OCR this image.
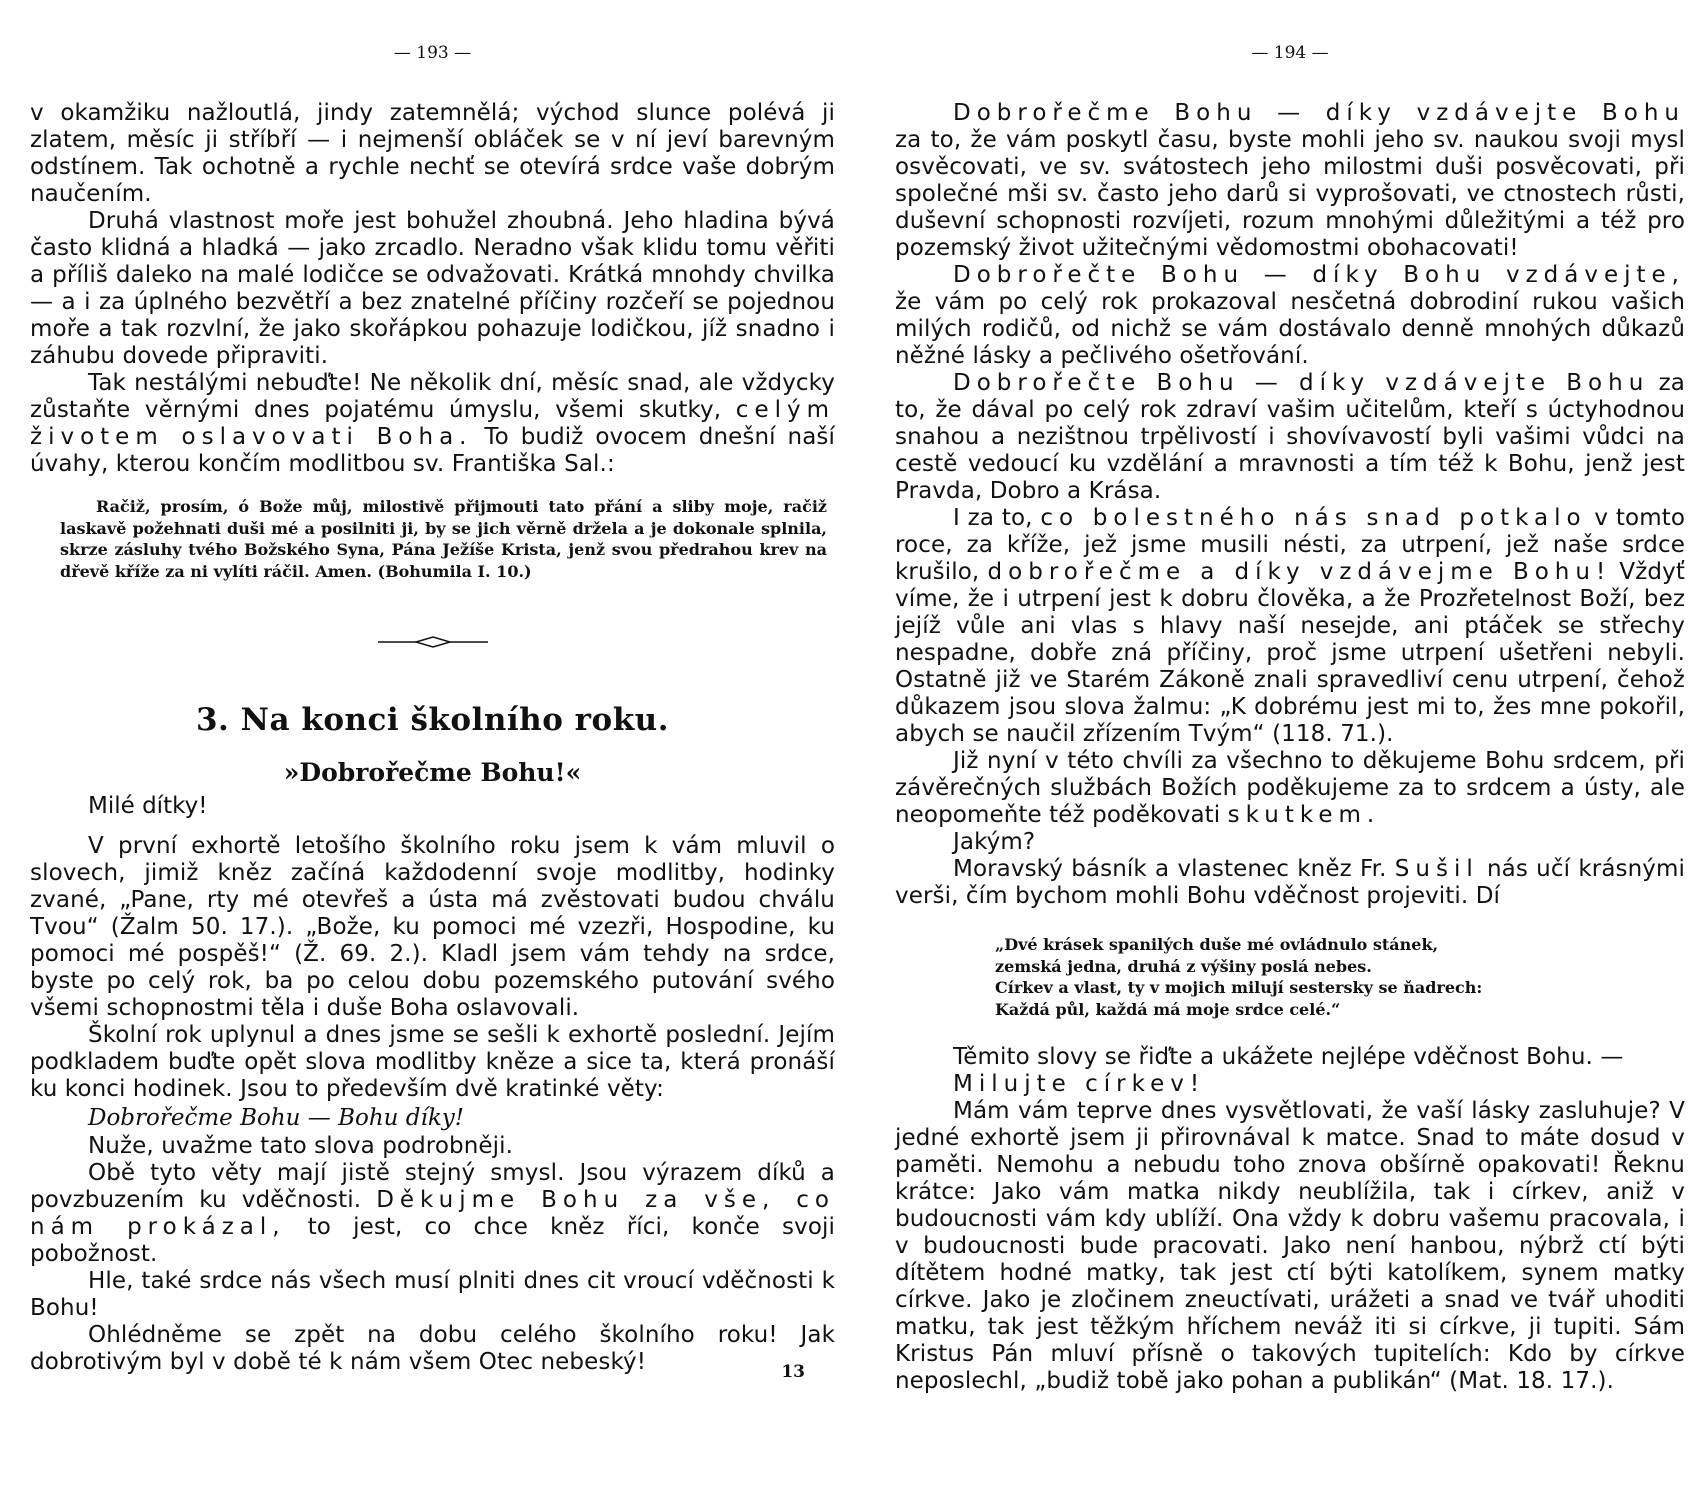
— 193 —

v okamžiku nažloutlá, jindy zatemnělá; východ slunce polévá ji zlatem, měsíc ji stříbří — i nejmenší obláček se v ní jeví barevným odstínem. Tak ochotně a rychle nechť se otevírá srdce vaše dobrým naučením.

Druhá vlastnost moře jest bohužel zhoubná. Jeho hladina bývá často klidná a hladká — jako zrcadlo. Neradno však klidu tomu věřiti a příliš daleko na malé lodičce se odvažovati. Krátká mnohdy chvilka — a i za úplného bezvětří a bez znatelné příčiny rozčeří se pojednou moře a tak rozvlní, že jako skořápkou pohazuje lodičkou, jíž snadno i záhubu dovede připraviti.

Tak nestálými nebuďte! Ne několik dní, měsíc snad, ale vždycky zůstaňte věrnými dnes pojatému úmyslu, všemi skutky, celým životem oslavovati Boha. To budiž ovocem dnešní naší úvahy, kterou končím modlitbou sv. Františka Sal.:

Račiž, prosím, ó Bože můj, milostivě přijmouti tato přání a sliby moje, račiž laskavě požehnati duši mé a posilniti ji, by se jich věrně držela a je dokonale splnila, skrze zásluhy tvého Božského Syna, Pána Ježíše Krista, jenž svou předrahou krev na dřevě kříže za ni vylíti ráčil. Amen. (Bohumila I. 10.)
3. Na konci školního roku.
»Dobrořečme Bohu!«
Milé dítky!

V první exhortě letošího školního roku jsem k vám mluvil o slovech, jimiž kněz začíná každodenní svoje modlitby, hodinky zvané, „Pane, rty mé otevřeš a ústa má zvěstovati budou chválu Tvou“ (Žalm 50. 17.). „Bože, ku pomoci mé vzezři, Hospodine, ku pomoci mé pospěš!“ (Ž. 69. 2.). Kladl jsem vám tehdy na srdce, byste po celý rok, ba po celou dobu pozemského putování svého všemi schopnostmi těla i duše Boha oslavovali.

Školní rok uplynul a dnes jsme se sešli k exhortě poslední. Jejím podkladem buďte opět slova modlitby kněze a sice ta, která pronáší ku konci hodinek. Jsou to především dvě kratinké věty:

Dobrořečme Bohu — Bohu díky!

Nuže, uvažme tato slova podrobněji.

Obě tyto věty mají jistě stejný smysl. Jsou výrazem díků a povzbuzením ku vděčnosti. Děkujme Bohu za vše, co nám prokázal, to jest, co chce kněz říci, konče svoji pobožnost.

Hle, také srdce nás všech musí plniti dnes cit vroucí vděčnosti k Bohu!

Ohlédněme se zpět na dobu celého školního roku! Jak dobrotivým byl v době té k nám všem Otec nebeský!	13
— 194 —

Dobrořečme Bohu — díky vzdávejte Bohu za to, že vám poskytl času, byste mohli jeho sv. naukou svoji mysl osvěcovati, ve sv. svátostech jeho milostmi duši posvěcovati, při společné mši sv. často jeho darů si vyprošovati, ve ctnostech růsti, duševní schopnosti rozvíjeti, rozum mnohými důležitými a též pro pozemský život užitečnými vědomostmi obohacovati!

Dobrořečte Bohu — díky Bohu vzdávejte, že vám po celý rok prokazoval nesčetná dobrodiní rukou vašich milých rodičů, od nichž se vám dostávalo denně mnohých důkazů něžné lásky a pečlivého ošetřování.

Dobrořečte Bohu — díky vzdávejte Bohu za to, že dával po celý rok zdraví vašim učitelům, kteří s úctyhodnou snahou a nezištnou trpělivostí i shovívavostí byli vašimi vůdci na cestě vedoucí ku vzdělání a mravnosti a tím též k Bohu, jenž jest Pravda, Dobro a Krása.

I za to, co bolestného nás snad potkalo v tomto roce, za kříže, jež jsme musili nésti, za utrpení, jež naše srdce krušilo, dobrořečme a díky vzdávejme Bohu! Vždyť víme, že i utrpení jest k dobru člověka, a že Prozřetelnost Boží, bez jejíž vůle ani vlas s hlavy naší nesejde, ani ptáček se střechy nespadne, dobře zná příčiny, proč jsme utrpení ušetřeni nebyli. Ostatně již ve Starém Zákoně znali spravedliví cenu utrpení, čehož důkazem jsou slova žalmu: „K dobrému jest mi to, žes mne pokořil, abych se naučil zřízením Tvým“ (118. 71.).

Již nyní v této chvíli za všechno to děkujeme Bohu srdcem, při závěrečných službách Božích poděkujeme za to srdcem a ústy, ale neopomeňte též poděkovati skutkem.

Jakým?

Moravský básník a vlastenec kněz Fr. Sušil nás učí krásnými verši, čím bychom mohli Bohu vděčnost projeviti. Dí

„Dvé krásek spanilých duše mé ovládnulo stánek,
zemská jedna, druhá z výšiny poslá nebes.
Církev a vlast, ty v mojich milují sestersky se ňadrech:
Každá půl, každá má moje srdce celé.“

Těmito slovy se řiďte a ukážete nejlépe vděčnost Bohu. —
Milujte církev!

Mám vám teprve dnes vysvětlovati, že vaší lásky zasluhuje? V jedné exhortě jsem ji přirovnával k matce. Snad to máte dosud v paměti. Nemohu a nebudu toho znova obšírně opakovati! Řeknu krátce: Jako vám matka nikdy neublížila, tak i církev, aniž v budoucnosti vám kdy ublíží. Ona vždy k dobru vašemu pracovala, i v budoucnosti bude pracovati. Jako není hanbou, nýbrž ctí býti dítětem hodné matky, tak jest ctí býti katolíkem, synem matky církve. Jako je zločinem zneuctívati, urážeti a snad ve tvář uhoditi matku, tak jest těžkým hříchem neváž iti si církve, ji tupiti. Sám Kristus Pán mluví přísně o takových tupitelích: Kdo by církve neposlechl, „budiž tobě jako pohan a publikán“ (Mat. 18. 17.).
